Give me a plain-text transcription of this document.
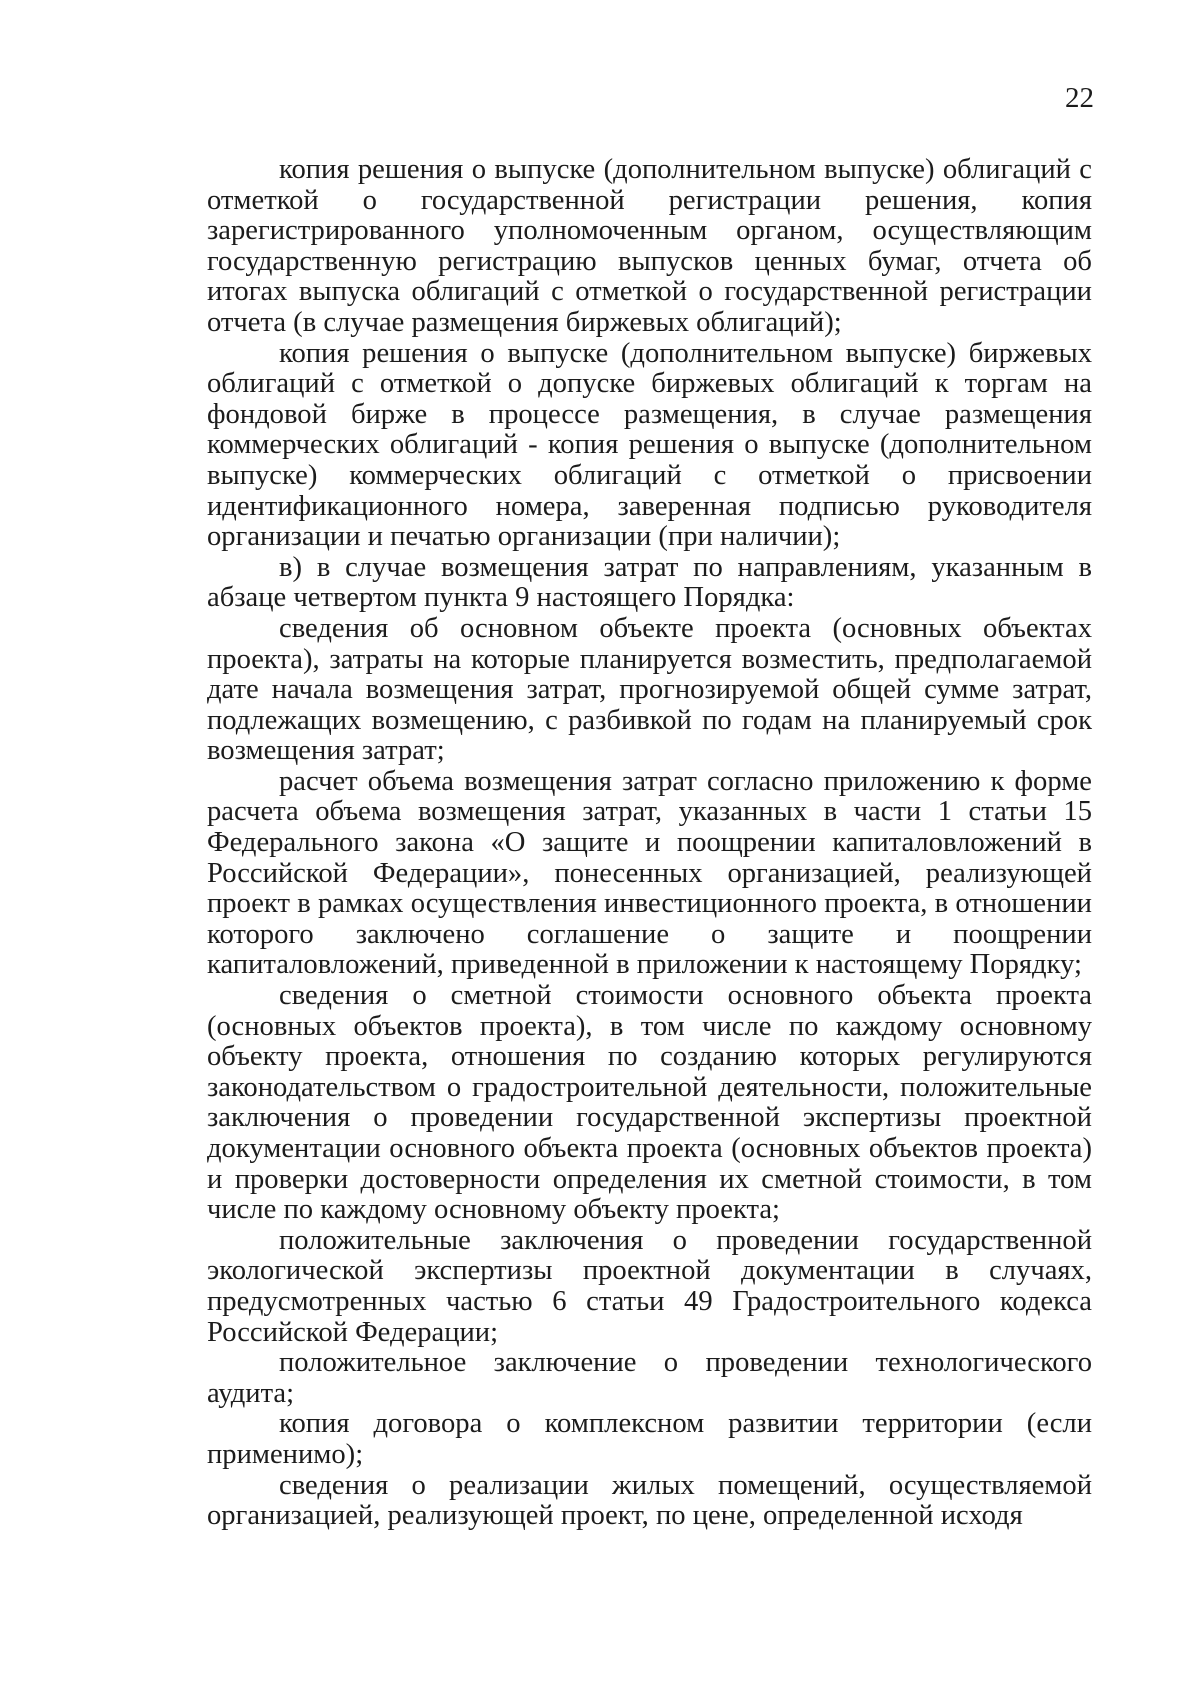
22

копия решения о выпуске (дополнительном выпуске) облигаций с отметкой о государственной регистрации решения, копия зарегистрированного уполномоченным органом, осуществляющим государственную регистрацию выпусков ценных бумаг, отчета об итогах выпуска облигаций с отметкой о государственной регистрации отчета (в случае размещения биржевых облигаций);

копия решения о выпуске (дополнительном выпуске) биржевых облигаций с отметкой о допуске биржевых облигаций к торгам на фондовой бирже в процессе размещения, в случае размещения коммерческих облигаций - копия решения о выпуске (дополнительном выпуске) коммерческих облигаций с отметкой о присвоении идентификационного номера, заверенная подписью руководителя организации и печатью организации (при наличии);

в) в случае возмещения затрат по направлениям, указанным в абзаце четвертом пункта 9 настоящего Порядка:

сведения об основном объекте проекта (основных объектах проекта), затраты на которые планируется возместить, предполагаемой дате начала возмещения затрат, прогнозируемой общей сумме затрат, подлежащих возмещению, с разбивкой по годам на планируемый срок возмещения затрат;

расчет объема возмещения затрат согласно приложению к форме расчета объема возмещения затрат, указанных в части 1 статьи 15 Федерального закона «О защите и поощрении капиталовложений в Российской Федерации», понесенных организацией, реализующей проект в рамках осуществления инвестиционного проекта, в отношении которого заключено соглашение о защите и поощрении капиталовложений, приведенной в приложении к настоящему Порядку;

сведения о сметной стоимости основного объекта проекта (основных объектов проекта), в том числе по каждому основному объекту проекта, отношения по созданию которых регулируются законодательством о градостроительной деятельности, положительные заключения о проведении государственной экспертизы проектной документации основного объекта проекта (основных объектов проекта) и проверки достоверности определения их сметной стоимости, в том числе по каждому основному объекту проекта;

положительные заключения о проведении государственной экологической экспертизы проектной документации в случаях, предусмотренных частью 6 статьи 49 Градостроительного кодекса Российской Федерации;

положительное заключение о проведении технологического аудита;

копия договора о комплексном развитии территории (если применимо);

сведения о реализации жилых помещений, осуществляемой организацией, реализующей проект, по цене, определенной исходя
